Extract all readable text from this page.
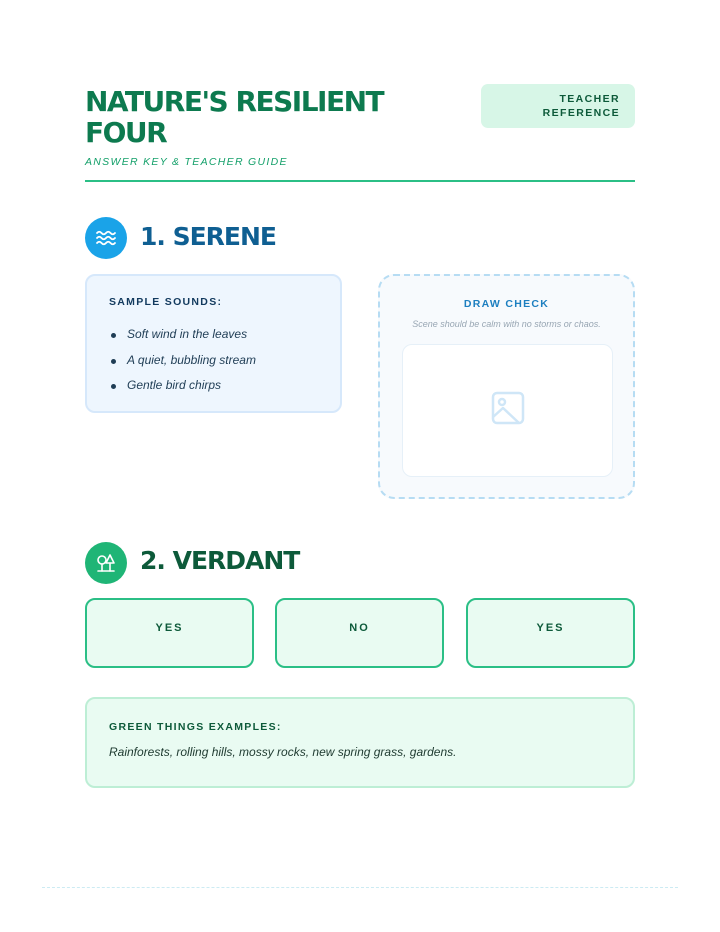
NATURE'S RESILIENT FOUR
ANSWER KEY & TEACHER GUIDE
TEACHER
REFERENCE
1. SERENE
SAMPLE SOUNDS:
Soft wind in the leaves
A quiet, bubbling stream
Gentle bird chirps
DRAW CHECK
Scene should be calm with no storms or chaos.
2. VERDANT
YES	NO	YES
GREEN THINGS EXAMPLES:
Rainforests, rolling hills, mossy rocks, new spring grass, gardens.
